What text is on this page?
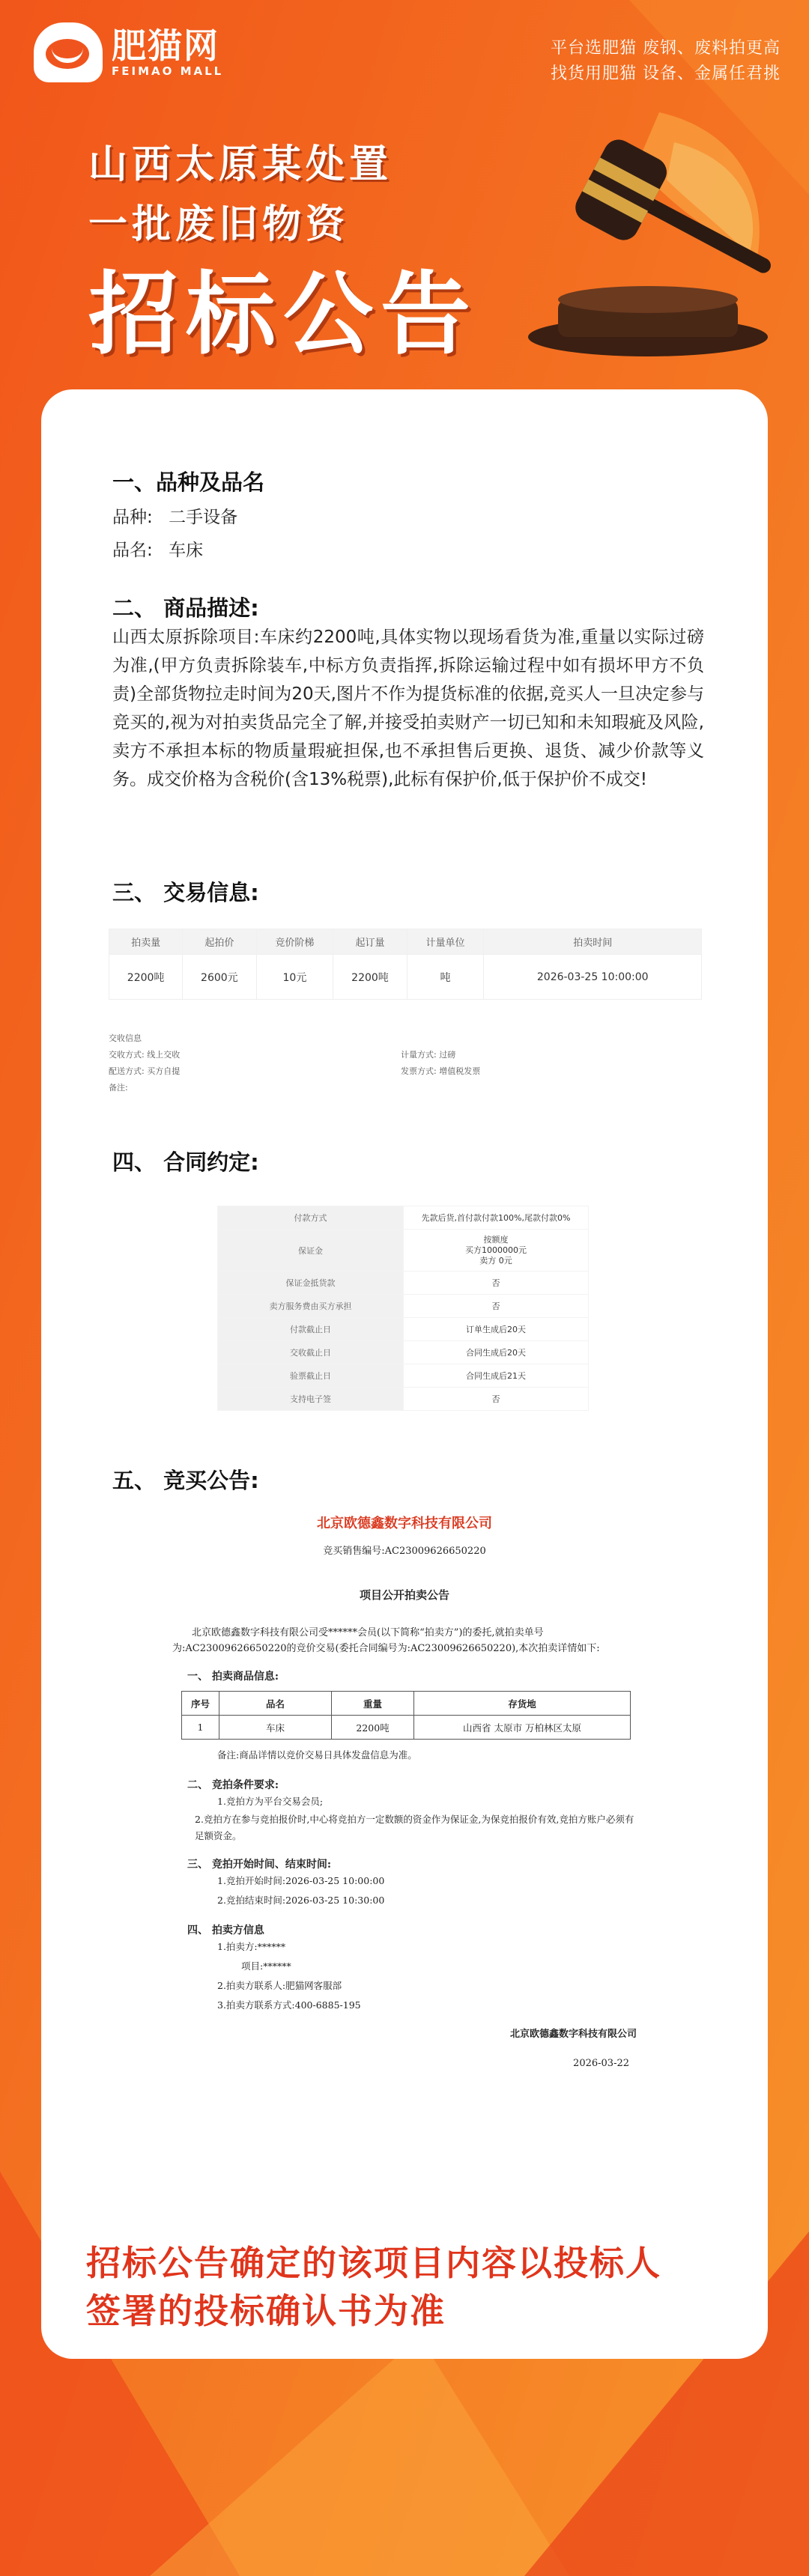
肥猫网
FEIMAO MALL
平台选肥猫 废钢、废料拍更高
找货用肥猫 设备、金属任君挑
山西太原某处置
一批废旧物资
招标公告
一、品种及品名
品种: 二手设备
品名: 车床
二、 商品描述:
山西太原拆除项目:车床约2200吨,具体实物以现场看货为准,重量以实际过磅为准,(甲方负责拆除装车,中标方负责指挥,拆除运输过程中如有损坏甲方不负责)全部货物拉走时间为20天,图片不作为提货标准的依据,竞买人一旦决定参与竞买的,视为对拍卖货品完全了解,并接受拍卖财产一切已知和未知瑕疵及风险,卖方不承担本标的物质量瑕疵担保,也不承担售后更换、退货、减少价款等义务。成交价格为含税价(含13%税票),此标有保护价,低于保护价不成交!
三、 交易信息:
拍卖量	起拍价	竞价阶梯	起订量	计量单位	拍卖时间
2200吨	2600元	10元	2200吨	吨	2026-03-25 10:00:00
交收信息
交收方式: 线上交收	计量方式: 过磅
配送方式: 买方自提	发票方式: 增值税发票
备注:
四、 合同约定:
付款方式	先款后货,首付款付款100%,尾款付款0%
保证金	按额度
买方1000000元
卖方 0元
保证金抵货款	否
卖方服务费由买方承担	否
付款截止日	订单生成后20天
交收截止日	合同生成后20天
验票截止日	合同生成后21天
支持电子签	否
五、 竞买公告:
北京欧德鑫数字科技有限公司
竞买销售编号:AC23009626650220
项目公开拍卖公告
北京欧德鑫数字科技有限公司受******会员(以下简称“拍卖方”)的委托,就拍卖单号为:AC23009626650220的竞价交易(委托合同编号为:AC23009626650220),本次拍卖详情如下:
一、 拍卖商品信息:
序号	品名	重量	存货地
1	车床	2200吨	山西省 太原市 万柏林区太原
备注:商品详情以竞价交易日具体发盘信息为准。
二、 竞拍条件要求:
1.竞拍方为平台交易会员;
2.竞拍方在参与竞拍报价时,中心将竞拍方一定数额的资金作为保证金,为保竞拍报价有效,竞拍方账户必须有足额资金。
三、 竞拍开始时间、结束时间:
1.竞拍开始时间:2026-03-25 10:00:00
2.竞拍结束时间:2026-03-25 10:30:00
四、 拍卖方信息
1.拍卖方:******
项目:******
2.拍卖方联系人:肥猫网客服部
3.拍卖方联系方式:400-6885-195
北京欧德鑫数字科技有限公司
2026-03-22
招标公告确定的该项目内容以投标人
签署的投标确认书为准
